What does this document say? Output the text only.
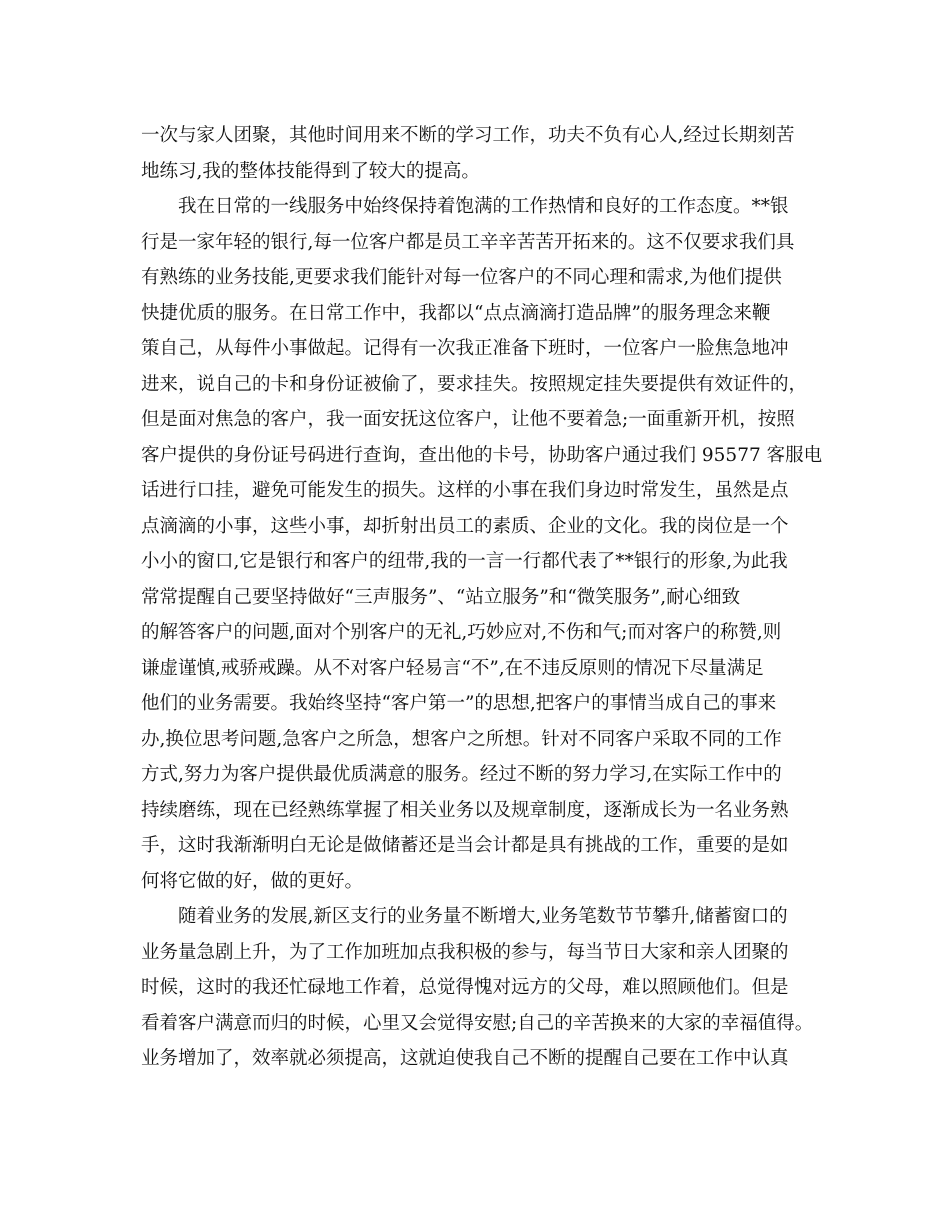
一次与家人团聚，其他时间用来不断的学习工作，功夫不负有心人,经过长期刻苦
地练习,我的整体技能得到了较大的提高。
我在日常的一线服务中始终保持着饱满的工作热情和良好的工作态度。**银
行是一家年轻的银行,每一位客户都是员工辛辛苦苦开拓来的。这不仅要求我们具
有熟练的业务技能,更要求我们能针对每一位客户的不同心理和需求,为他们提供
快捷优质的服务。在日常工作中，我都以“点点滴滴打造品牌”的服务理念来鞭
策自己，从每件小事做起。记得有一次我正准备下班时，一位客户一脸焦急地冲
进来，说自己的卡和身份证被偷了，要求挂失。按照规定挂失要提供有效证件的，
但是面对焦急的客户，我一面安抚这位客户，让他不要着急;一面重新开机，按照
客户提供的身份证号码进行查询，查出他的卡号，协助客户通过我们 95577 客服电
话进行口挂，避免可能发生的损失。这样的小事在我们身边时常发生，虽然是点
点滴滴的小事，这些小事，却折射出员工的素质、企业的文化。我的岗位是一个
小小的窗口,它是银行和客户的纽带,我的一言一行都代表了**银行的形象,为此我
常常提醒自己要坚持做好“三声服务”、“站立服务”和“微笑服务”,耐心细致
的解答客户的问题,面对个别客户的无礼,巧妙应对,不伤和气;而对客户的称赞,则
谦虚谨慎,戒骄戒躁。从不对客户轻易言“不”,在不违反原则的情况下尽量满足
他们的业务需要。我始终坚持“客户第一”的思想,把客户的事情当成自己的事来
办,换位思考问题,急客户之所急，想客户之所想。针对不同客户采取不同的工作
方式,努力为客户提供最优质满意的服务。经过不断的努力学习,在实际工作中的
持续磨练，现在已经熟练掌握了相关业务以及规章制度，逐渐成长为一名业务熟
手，这时我渐渐明白无论是做储蓄还是当会计都是具有挑战的工作，重要的是如
何将它做的好，做的更好。
随着业务的发展,新区支行的业务量不断增大,业务笔数节节攀升,储蓄窗口的
业务量急剧上升，为了工作加班加点我积极的参与，每当节日大家和亲人团聚的
时候，这时的我还忙碌地工作着，总觉得愧对远方的父母，难以照顾他们。但是
看着客户满意而归的时候，心里又会觉得安慰;自己的辛苦换来的大家的幸福值得。
业务增加了，效率就必须提高，这就迫使我自己不断的提醒自己要在工作中认真
